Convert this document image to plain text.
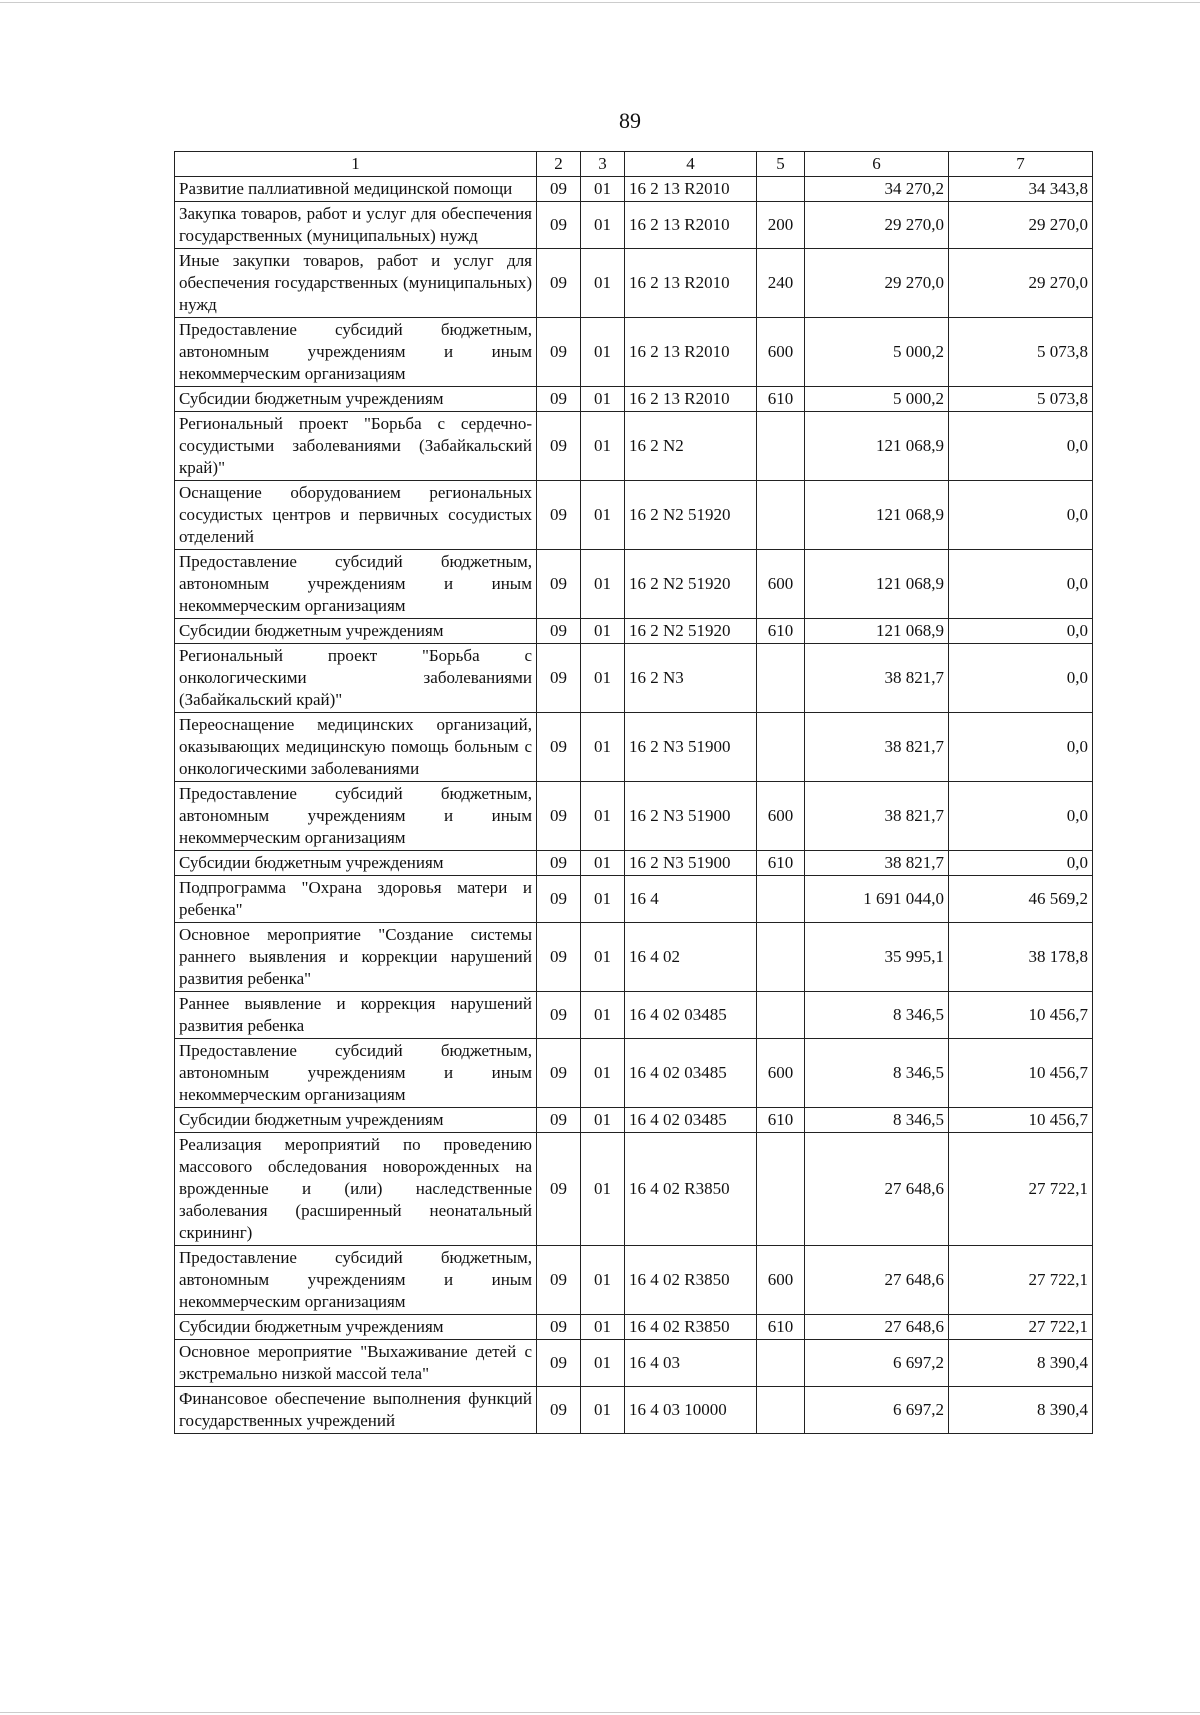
89
1	2	3	4	5	6	7
Развитие паллиативной медицинской помощи	09	01	16 2 13 R2010		34 270,2	34 343,8
Закупка товаров, работ и услуг для обеспечения государственных (муниципальных) нужд	09	01	16 2 13 R2010	200	29 270,0	29 270,0
Иные закупки товаров, работ и услуг для обеспечения государственных (муниципальных) нужд	09	01	16 2 13 R2010	240	29 270,0	29 270,0
Предоставление субсидий бюджетным, автономным учреждениям и иным некоммерческим организациям	09	01	16 2 13 R2010	600	5 000,2	5 073,8
Субсидии бюджетным учреждениям	09	01	16 2 13 R2010	610	5 000,2	5 073,8
Региональный проект "Борьба с сердечно-сосудистыми заболеваниями (Забайкальский край)"	09	01	16 2 N2		121 068,9	0,0
Оснащение оборудованием региональных сосудистых центров и первичных сосудистых отделений	09	01	16 2 N2 51920		121 068,9	0,0
Предоставление субсидий бюджетным, автономным учреждениям и иным некоммерческим организациям	09	01	16 2 N2 51920	600	121 068,9	0,0
Субсидии бюджетным учреждениям	09	01	16 2 N2 51920	610	121 068,9	0,0
Региональный проект "Борьба с онкологическими заболеваниями (Забайкальский край)"	09	01	16 2 N3		38 821,7	0,0
Переоснащение медицинских организаций, оказывающих медицинскую помощь больным с онкологическими заболеваниями	09	01	16 2 N3 51900		38 821,7	0,0
Предоставление субсидий бюджетным, автономным учреждениям и иным некоммерческим организациям	09	01	16 2 N3 51900	600	38 821,7	0,0
Субсидии бюджетным учреждениям	09	01	16 2 N3 51900	610	38 821,7	0,0
Подпрограмма "Охрана здоровья матери и ребенка"	09	01	16 4		1 691 044,0	46 569,2
Основное мероприятие "Создание системы раннего выявления и коррекции нарушений развития ребенка"	09	01	16 4 02		35 995,1	38 178,8
Раннее выявление и коррекция нарушений развития ребенка	09	01	16 4 02 03485		8 346,5	10 456,7
Предоставление субсидий бюджетным, автономным учреждениям и иным некоммерческим организациям	09	01	16 4 02 03485	600	8 346,5	10 456,7
Субсидии бюджетным учреждениям	09	01	16 4 02 03485	610	8 346,5	10 456,7
Реализация мероприятий по проведению массового обследования новорожденных на врожденные и (или) наследственные заболевания (расширенный неонатальный скрининг)	09	01	16 4 02 R3850		27 648,6	27 722,1
Предоставление субсидий бюджетным, автономным учреждениям и иным некоммерческим организациям	09	01	16 4 02 R3850	600	27 648,6	27 722,1
Субсидии бюджетным учреждениям	09	01	16 4 02 R3850	610	27 648,6	27 722,1
Основное мероприятие "Выхаживание детей с экстремально низкой массой тела"	09	01	16 4 03		6 697,2	8 390,4
Финансовое обеспечение выполнения функций государственных учреждений	09	01	16 4 03 10000		6 697,2	8 390,4
